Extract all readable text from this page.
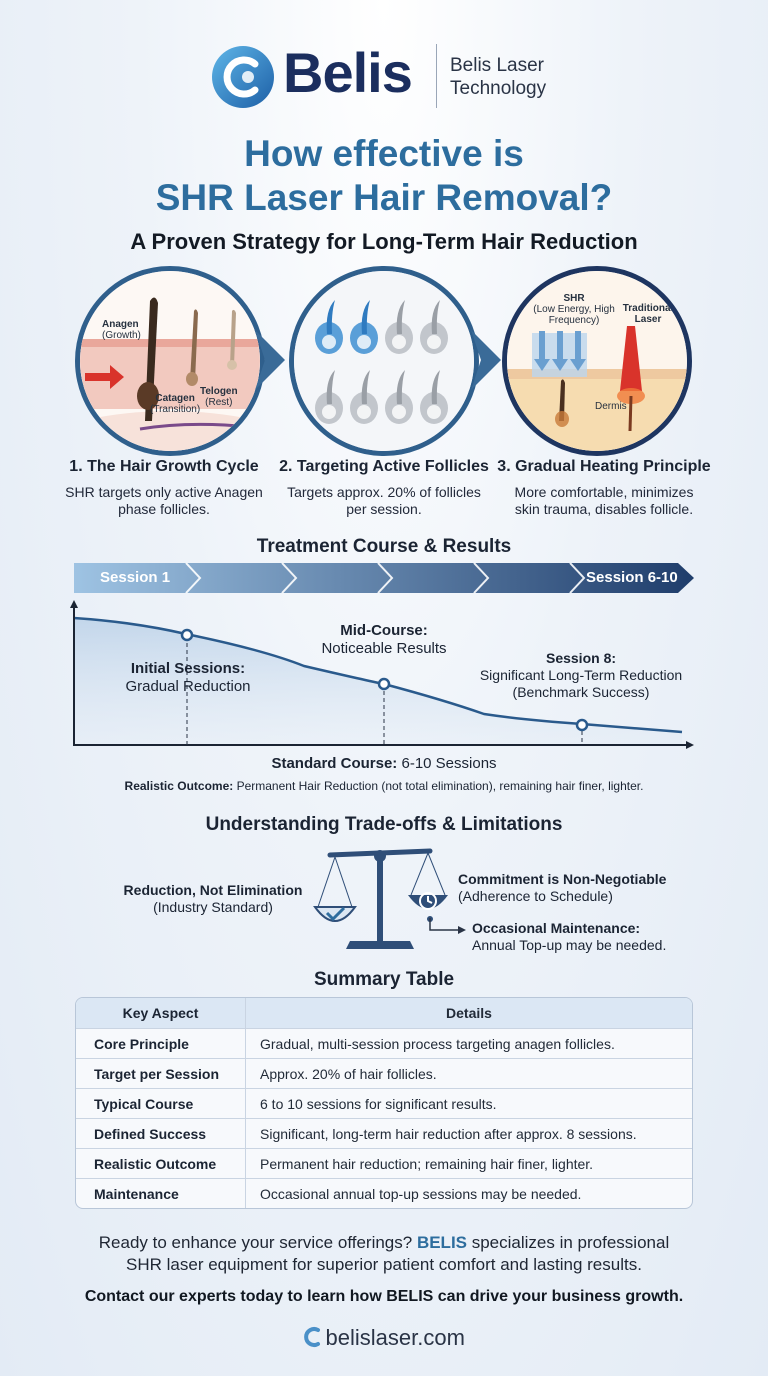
Belis Belis Laser Technology
How effective is
SHR Laser Hair Removal?
A Proven Strategy for Long-Term Hair Reduction
Anagen
(Growth)
Catagen
(Transition)
Telogen
(Rest)
SHR
(Low Energy, High Frequency)
Traditional Laser
Dermis
1. The Hair Growth Cycle
SHR targets only active Anagen phase follicles.
2. Targeting Active Follicles
Targets approx. 20% of follicles per session.
3. Gradual Heating Principle
More comfortable, minimizes skin trauma, disables follicle.
Treatment Course & Results
Session 1	Session 6-10
Initial Sessions:
Gradual Reduction
Mid-Course:
Noticeable Results
Session 8:
Significant Long-Term Reduction
(Benchmark Success)
Standard Course: 6-10 Sessions
Realistic Outcome: Permanent Hair Reduction (not total elimination), remaining hair finer, lighter.
Understanding Trade-offs & Limitations
Reduction, Not Elimination
(Industry Standard)
Commitment is Non-Negotiable
(Adherence to Schedule)
Occasional Maintenance:
Annual Top-up may be needed.
Summary Table
Key Aspect	Details
Core Principle	Gradual, multi-session process targeting anagen follicles.
Target per Session	Approx. 20% of hair follicles.
Typical Course	6 to 10 sessions for significant results.
Defined Success	Significant, long-term hair reduction after approx. 8 sessions.
Realistic Outcome	Permanent hair reduction; remaining hair finer, lighter.
Maintenance	Occasional annual top-up sessions may be needed.
Ready to enhance your service offerings? BELIS specializes in professional
SHR laser equipment for superior patient comfort and lasting results.
Contact our experts today to learn how BELIS can drive your business growth.
belislaser.com
